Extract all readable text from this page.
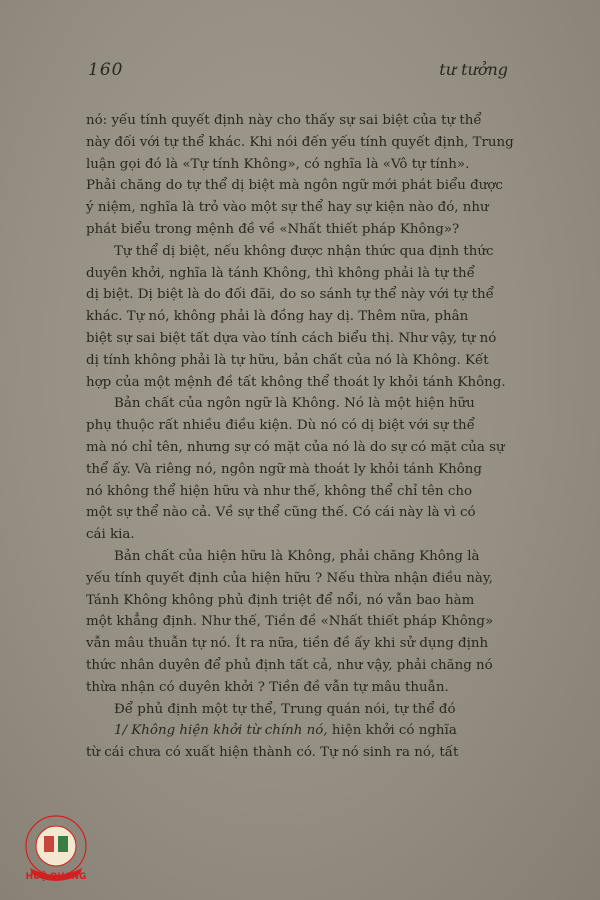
160	tư tưởng
nó: yếu tính quyết định này cho thấy sự sai biệt của tự thể
này đối với tự thể khác. Khi nói đến yếu tính quyết định, Trung
luận gọi đó là «Tự tính Không», có nghĩa là «Vô tự tính».
Phải chăng do tự thể dị biệt mà ngôn ngữ mới phát biểu được
ý niệm, nghĩa là trỏ vào một sự thể hay sự kiện nào đó, như
phát biểu trong mệnh đề về «Nhất thiết pháp Không»?
Tự thể dị biệt, nếu không được nhận thức qua định thức
duyên khởi, nghĩa là tánh Không, thì không phải là tự thể
dị biệt. Dị biệt là do đối đãi, do so sánh tự thể này với tự thể
khác. Tự nó, không phải là đồng hay dị. Thêm nữa, phân
biệt sự sai biệt tất dựa vào tính cách biểu thị. Như vậy, tự nó
dị tính không phải là tự hữu, bản chất của nó là Không. Kết
hợp của một mệnh đề tất không thể thoát ly khỏi tánh Không.
Bản chất của ngôn ngữ là Không. Nó là một hiện hữu
phụ thuộc rất nhiều điều kiện. Dù nó có dị biệt với sự thể
mà nó chỉ tên, nhưng sự có mặt của nó là do sự có mặt của sự
thể ấy. Và riêng nó, ngôn ngữ mà thoát ly khỏi tánh Không
nó không thể hiện hữu và như thế, không thể chỉ tên cho
một sự thể nào cả. Về sự thể cũng thế. Có cái này là vì có
cái kia.
Bản chất của hiện hữu là Không, phải chăng Không là
yếu tính quyết định của hiện hữu ? Nếu thừa nhận điều này,
Tánh Không không phủ định triệt để nổi, nó vẫn bao hàm
một khẳng định. Như thế, Tiền đề «Nhất thiết pháp Không»
vẫn mâu thuẫn tự nó. Ít ra nữa, tiền đề ấy khi sử dụng định
thức nhân duyên để phủ định tất cả, như vậy, phải chăng nó
thừa nhận có duyên khởi ? Tiền đề vẫn tự mâu thuẫn.
Để phủ định một tự thể, Trung quán nói, tự thể đó
1/ Không hiện khởi từ chính nó, hiện khởi có nghĩa
từ cái chưa có xuất hiện thành có. Tự nó sinh ra nó, tất
HUỆ QUANG
